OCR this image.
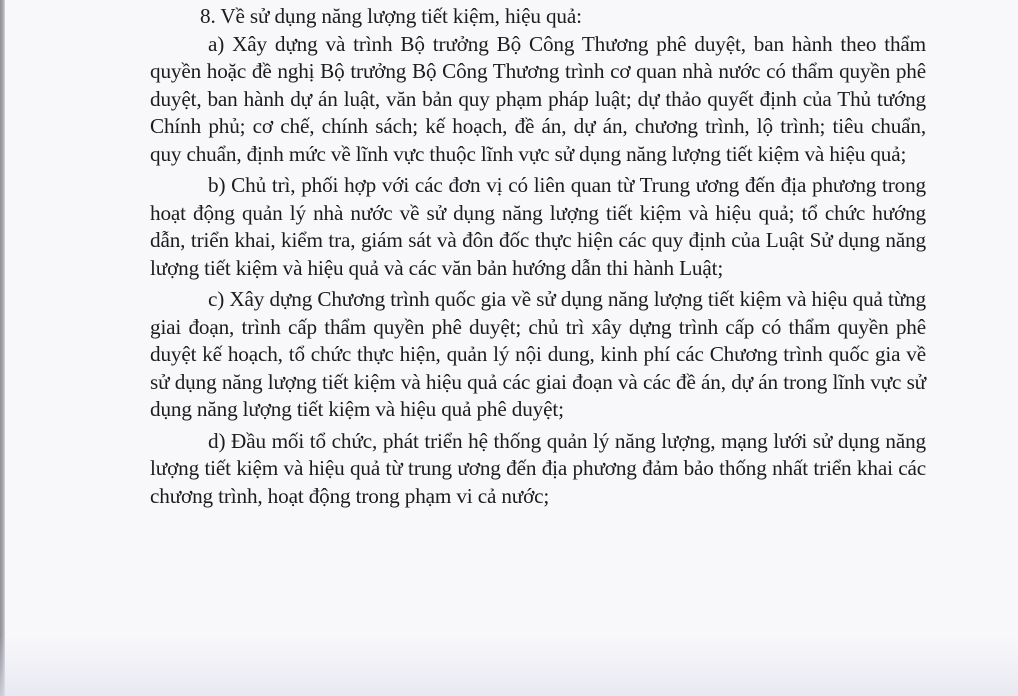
8. Về sử dụng năng lượng tiết kiệm, hiệu quả:

a) Xây dựng và trình Bộ trưởng Bộ Công Thương phê duyệt, ban hành theo thẩm quyền hoặc đề nghị Bộ trưởng Bộ Công Thương trình cơ quan nhà nước có thẩm quyền phê duyệt, ban hành dự án luật, văn bản quy phạm pháp luật; dự thảo quyết định của Thủ tướng Chính phủ; cơ chế, chính sách; kế hoạch, đề án, dự án, chương trình, lộ trình; tiêu chuẩn, quy chuẩn, định mức về lĩnh vực thuộc lĩnh vực sử dụng năng lượng tiết kiệm và hiệu quả;

b) Chủ trì, phối hợp với các đơn vị có liên quan từ Trung ương đến địa phương trong hoạt động quản lý nhà nước về sử dụng năng lượng tiết kiệm và hiệu quả; tổ chức hướng dẫn, triển khai, kiểm tra, giám sát và đôn đốc thực hiện các quy định của Luật Sử dụng năng lượng tiết kiệm và hiệu quả và các văn bản hướng dẫn thi hành Luật;

c) Xây dựng Chương trình quốc gia về sử dụng năng lượng tiết kiệm và hiệu quả từng giai đoạn, trình cấp thẩm quyền phê duyệt; chủ trì xây dựng trình cấp có thẩm quyền phê duyệt kế hoạch, tổ chức thực hiện, quản lý nội dung, kinh phí các Chương trình quốc gia về sử dụng năng lượng tiết kiệm và hiệu quả các giai đoạn và các đề án, dự án trong lĩnh vực sử dụng năng lượng tiết kiệm và hiệu quả phê duyệt;

d) Đầu mối tổ chức, phát triển hệ thống quản lý năng lượng, mạng lưới sử dụng năng lượng tiết kiệm và hiệu quả từ trung ương đến địa phương đảm bảo thống nhất triển khai các chương trình, hoạt động trong phạm vi cả nước;
